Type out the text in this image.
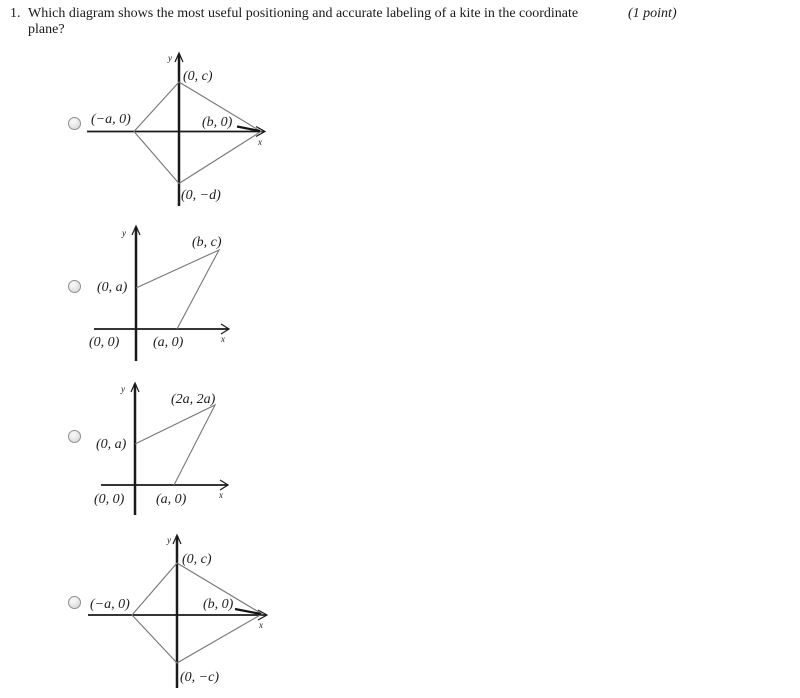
1. Which diagram shows the most useful positioning and accurate labeling of a kite in the coordinate plane?
(1 point)
(0, c)
(−a, 0)	(b, 0)
(0, −d)
y
x
(b, c)
(0, a)
(0, 0) (a, 0)
y
x
(2a, 2a)
(0, a)
(0, 0) (a, 0)
y
x
(0, c)
(−a, 0)	(b, 0)
(0, −c)
y
x
